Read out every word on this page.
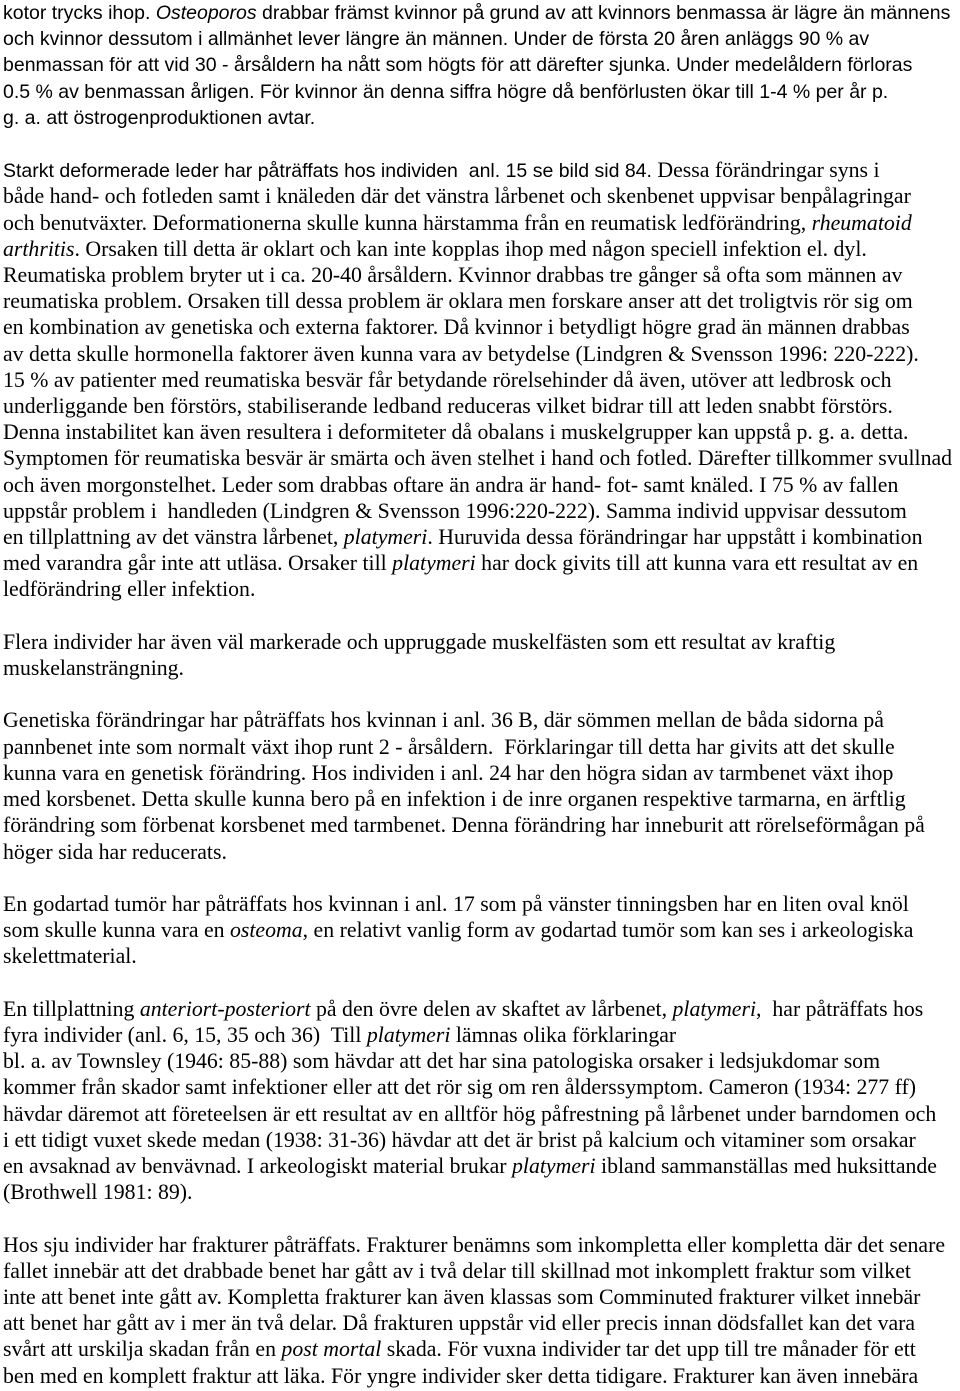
kotor trycks ihop. Osteoporos drabbar främst kvinnor på grund av att kvinnors benmassa är lägre än männens
och kvinnor dessutom i allmänhet lever längre än männen. Under de första 20 åren anläggs 90 % av
benmassan för att vid 30 - årsåldern ha nått som högts för att därefter sjunka. Under medelåldern förloras
0.5 % av benmassan årligen. För kvinnor än denna siffra högre då benförlusten ökar till 1-4 % per år p.
g. a. att östrogenproduktionen avtar.
Starkt deformerade leder har påträffats hos individen  anl. 15 se bild sid 84. Dessa förändringar syns i
både hand- och fotleden samt i knäleden där det vänstra lårbenet och skenbenet uppvisar benpålagringar
och benutväxter. Deformationerna skulle kunna härstamma från en reumatisk ledförändring, rheumatoid
arthritis. Orsaken till detta är oklart och kan inte kopplas ihop med någon speciell infektion el. dyl.
Reumatiska problem bryter ut i ca. 20-40 årsåldern. Kvinnor drabbas tre gånger så ofta som männen av
reumatiska problem. Orsaken till dessa problem är oklara men forskare anser att det troligtvis rör sig om
en kombination av genetiska och externa faktorer. Då kvinnor i betydligt högre grad än männen drabbas
av detta skulle hormonella faktorer även kunna vara av betydelse (Lindgren & Svensson 1996: 220-222).
15 % av patienter med reumatiska besvär får betydande rörelsehinder då även, utöver att ledbrosk och
underliggande ben förstörs, stabiliserande ledband reduceras vilket bidrar till att leden snabbt förstörs.
Denna instabilitet kan även resultera i deformiteter då obalans i muskelgrupper kan uppstå p. g. a. detta.
Symptomen för reumatiska besvär är smärta och även stelhet i hand och fotled. Därefter tillkommer svullnad
och även morgonstelhet. Leder som drabbas oftare än andra är hand- fot- samt knäled. I 75 % av fallen
uppstår problem i  handleden (Lindgren & Svensson 1996:220-222). Samma individ uppvisar dessutom
en tillplattning av det vänstra lårbenet, platymeri. Huruvida dessa förändringar har uppstått i kombination
med varandra går inte att utläsa. Orsaker till platymeri har dock givits till att kunna vara ett resultat av en
ledförändring eller infektion.
Flera individer har även väl markerade och uppruggade muskelfästen som ett resultat av kraftig
muskelansträngning.
Genetiska förändringar har påträffats hos kvinnan i anl. 36 B, där sömmen mellan de båda sidorna på
pannbenet inte som normalt växt ihop runt 2 - årsåldern.  Förklaringar till detta har givits att det skulle
kunna vara en genetisk förändring. Hos individen i anl. 24 har den högra sidan av tarmbenet växt ihop
med korsbenet. Detta skulle kunna bero på en infektion i de inre organen respektive tarmarna, en ärftlig
förändring som förbenat korsbenet med tarmbenet. Denna förändring har inneburit att rörelseförmågan på
höger sida har reducerats.
En godartad tumör har påträffats hos kvinnan i anl. 17 som på vänster tinningsben har en liten oval knöl
som skulle kunna vara en osteoma, en relativt vanlig form av godartad tumör som kan ses i arkeologiska
skelettmaterial.
En tillplattning anteriort-posteriort på den övre delen av skaftet av lårbenet, platymeri,  har påträffats hos
fyra individer (anl. 6, 15, 35 och 36)  Till platymeri lämnas olika förklaringar
bl. a. av Townsley (1946: 85-88) som hävdar att det har sina patologiska orsaker i ledsjukdomar som
kommer från skador samt infektioner eller att det rör sig om ren ålderssymptom. Cameron (1934: 277 ff)
hävdar däremot att företeelsen är ett resultat av en alltför hög påfrestning på lårbenet under barndomen och
i ett tidigt vuxet skede medan (1938: 31-36) hävdar att det är brist på kalcium och vitaminer som orsakar
en avsaknad av benvävnad. I arkeologiskt material brukar platymeri ibland sammanställas med huksittande
(Brothwell 1981: 89).
Hos sju individer har frakturer påträffats. Frakturer benämns som inkompletta eller kompletta där det senare
fallet innebär att det drabbade benet har gått av i två delar till skillnad mot inkomplett fraktur som vilket
inte att benet inte gått av. Kompletta frakturer kan även klassas som Comminuted frakturer vilket innebär
att benet har gått av i mer än två delar. Då frakturen uppstår vid eller precis innan dödsfallet kan det vara
svårt att urskilja skadan från en post mortal skada. För vuxna individer tar det upp till tre månader för ett
ben med en komplett fraktur att läka. För yngre individer sker detta tidigare. Frakturer kan även innebära
